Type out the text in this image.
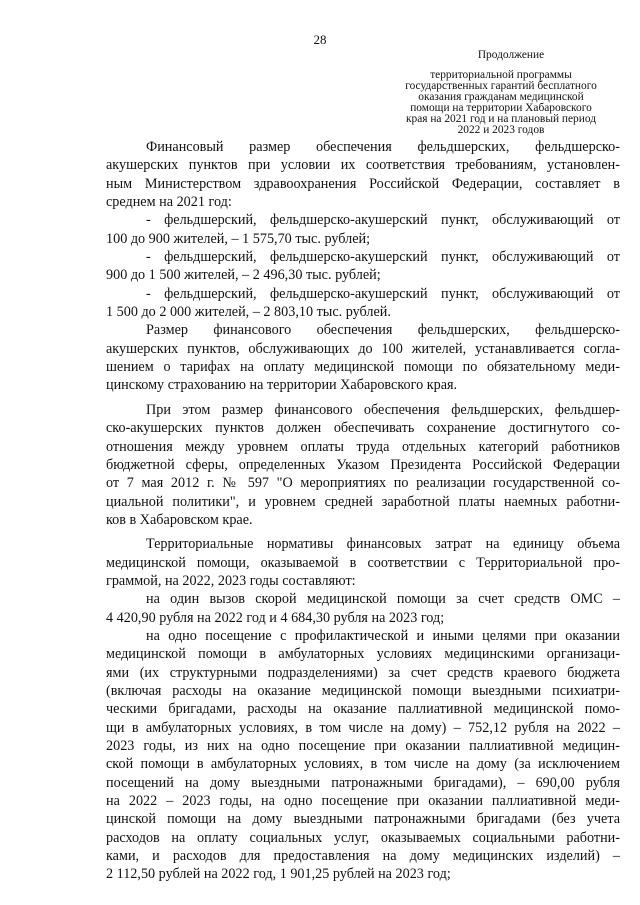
28
Продолжение
территориальной программы
государственных гарантий бесплатного
оказания гражданам медицинской
помощи на территории Хабаровского
края на 2021 год и на плановый период
2022 и 2023 годов

Финансовый размер обеспечения фельдшерских, фельдшерско-

акушерских пунктов при условии их соответствия требованиям, установлен-

ным Министерством здравоохранения Российской Федерации, составляет в

среднем на 2021 год:

- фельдшерский, фельдшерско-акушерский пункт, обслуживающий от

100 до 900 жителей, – 1 575,70 тыс. рублей;

- фельдшерский, фельдшерско-акушерский пункт, обслуживающий от

900 до 1 500 жителей, – 2 496,30 тыс. рублей;

- фельдшерский, фельдшерско-акушерский пункт, обслуживающий от

1 500 до 2 000 жителей, – 2 803,10 тыс. рублей.

Размер финансового обеспечения фельдшерских, фельдшерско-

акушерских пунктов, обслуживающих до 100 жителей, устанавливается согла-

шением о тарифах на оплату медицинской помощи по обязательному меди-

цинскому страхованию на территории Хабаровского края.

При этом размер финансового обеспечения фельдшерских, фельдшер-

ско-акушерских пунктов должен обеспечивать сохранение достигнутого со-

отношения между уровнем оплаты труда отдельных категорий работников

бюджетной сферы, определенных Указом Президента Российской Федерации

от 7 мая 2012 г. № 597 "О мероприятиях по реализации государственной со-

циальной политики", и уровнем средней заработной платы наемных работни-

ков в Хабаровском крае.

Территориальные нормативы финансовых затрат на единицу объема

медицинской помощи, оказываемой в соответствии с Территориальной про-

граммой, на 2022, 2023 годы составляют:

на один вызов скорой медицинской помощи за счет средств ОМС –

4 420,90 рубля на 2022 год и 4 684,30 рубля на 2023 год;

на одно посещение с профилактической и иными целями при оказании

медицинской помощи в амбулаторных условиях медицинскими организаци-

ями (их структурными подразделениями) за счет средств краевого бюджета

(включая расходы на оказание медицинской помощи выездными психиатри-

ческими бригадами, расходы на оказание паллиативной медицинской помо-

щи в амбулаторных условиях, в том числе на дому) – 752,12 рубля на 2022 –

2023 годы, из них на одно посещение при оказании паллиативной медицин-

ской помощи в амбулаторных условиях, в том числе на дому (за исключением

посещений на дому выездными патронажными бригадами), – 690,00 рубля

на 2022 – 2023 годы, на одно посещение при оказании паллиативной меди-

цинской помощи на дому выездными патронажными бригадами (без учета

расходов на оплату социальных услуг, оказываемых социальными работни-

ками, и расходов для предоставления на дому медицинских изделий) –

2 112,50 рублей на 2022 год, 1 901,25 рублей на 2023 год;
